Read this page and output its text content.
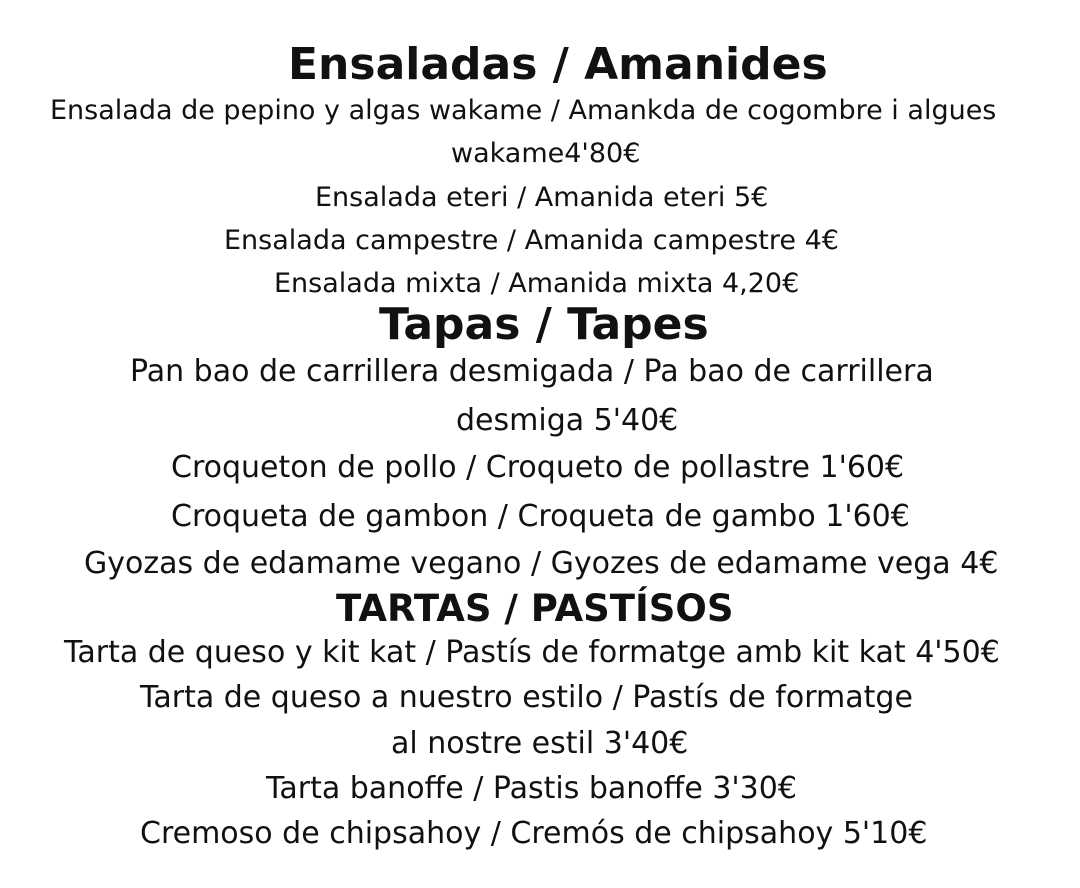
Ensaladas / Amanides
Ensalada de pepino y algas wakame / Amankda de cogombre i algues
wakame4'80€
Ensalada eteri / Amanida eteri 5€
Ensalada campestre / Amanida campestre 4€
Ensalada mixta / Amanida mixta 4,20€
Tapas / Tapes
Pan bao de carrillera desmigada / Pa bao de carrillera
desmiga 5'40€
Croqueton de pollo / Croqueto de pollastre 1'60€
Croqueta de gambon / Croqueta de gambo 1'60€
Gyozas de edamame vegano / Gyozes de edamame vega 4€
TARTAS / PASTÍSOS
Tarta de queso y kit kat / Pastís de formatge amb kit kat 4'50€
Tarta de queso a nuestro estilo / Pastís de formatge
al nostre estil 3'40€
Tarta banoffe / Pastis banoffe 3'30€
Cremoso de chipsahoy / Cremós de chipsahoy 5'10€
